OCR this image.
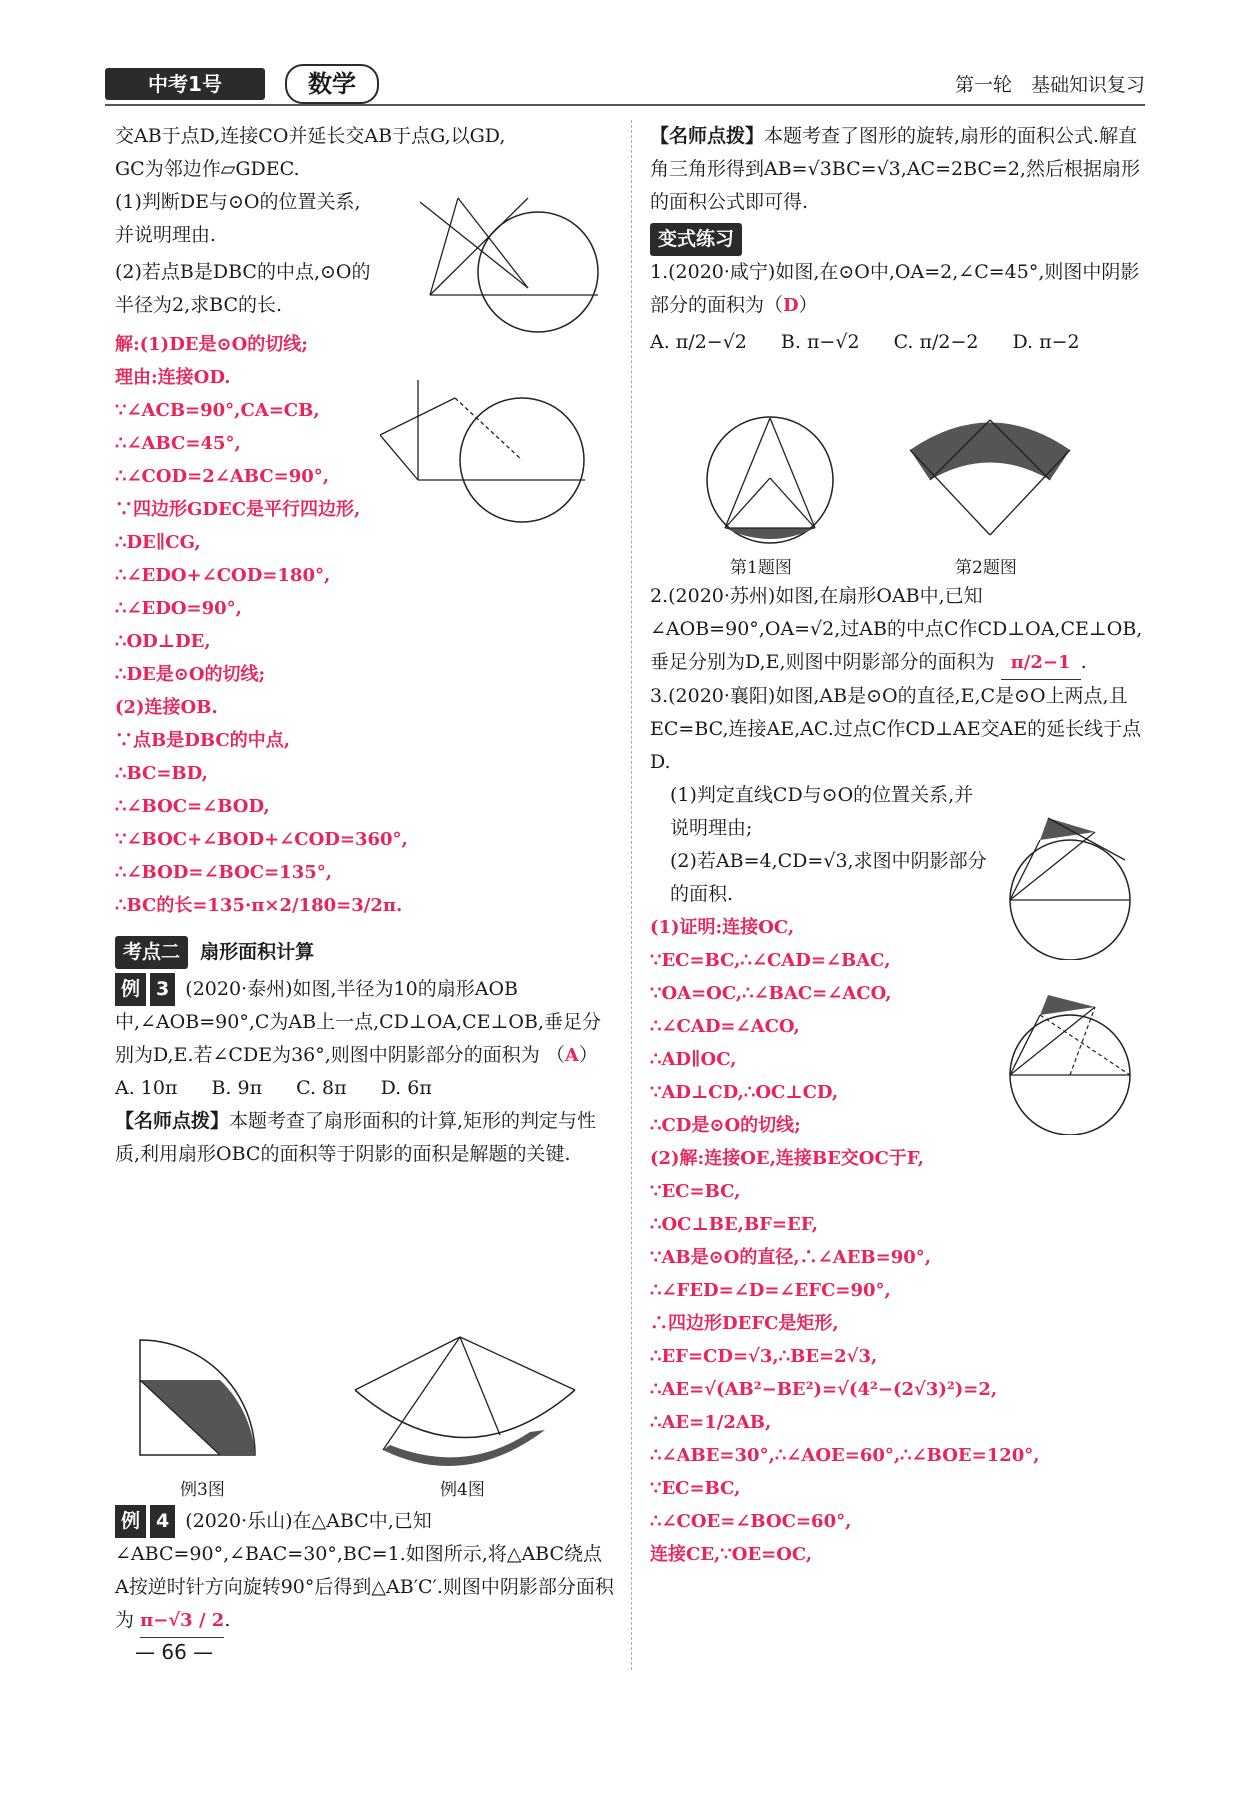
中考1号	数学	第一轮　基础知识复习

交AB于点D,连接CO并延长交AB于点G,以GD,

GC为邻边作▱GDEC.

(1)判断DE与⊙O的位置关系,并说明理由.

(2)若点B是DBC的中点,⊙O的半径为2,求BC的长.

解:(1)DE是⊙O的切线;

理由:连接OD.

∵∠ACB=90°,CA=CB,

∴∠ABC=45°,

∴∠COD=2∠ABC=90°,

∵四边形GDEC是平行四边形,

∴DE∥CG,

∴∠EDO+∠COD=180°,

∴∠EDO=90°,

∴OD⊥DE,

∴DE是⊙O的切线;

(2)连接OB.

∵点B是DBC的中点,

∴BC=BD,

∴∠BOC=∠BOD,

∵∠BOC+∠BOD+∠COD=360°,

∴∠BOD=∠BOC=135°,

∴BC的长=135·π×2/180=3/2π.

考点二 扇形面积计算

例 3 (2020·泰州)如图,半径为10的扇形AOB中,∠AOB=90°,C为AB上一点,CD⊥OA,CE⊥OB,垂足分别为D,E.若∠CDE为36°,则图中阴影部分的面积为 （A）

A. 10π B. 9π C. 8π D. 6π

【名师点拨】本题考查了扇形面积的计算,矩形的判定与性质,利用扇形OBC的面积等于阴影的面积是解题的关键.

例3图	例4图

例 4 (2020·乐山)在△ABC中,已知∠ABC=90°,∠BAC=30°,BC=1.如图所示,将△ABC绕点A按逆时针方向旋转90°后得到△AB′C′.则图中阴影部分面积为 π−√3 / 2.

— 66 —

【名师点拨】本题考查了图形的旋转,扇形的面积公式.解直角三角形得到AB=√3BC=√3,AC=2BC=2,然后根据扇形的面积公式即可得.

变式练习

1.(2020·咸宁)如图,在⊙O中,OA=2,∠C=45°,则图中阴影部分的面积为（D）

A. π/2−√2 B. π−√2 C. π/2−2 D. π−2

第1题图	第2题图

2.(2020·苏州)如图,在扇形OAB中,已知∠AOB=90°,OA=√2,过AB的中点C作CD⊥OA,CE⊥OB,垂足分别为D,E,则图中阴影部分的面积为 π/2−1 .

3.(2020·襄阳)如图,AB是⊙O的直径,E,C是⊙O上两点,且EC=BC,连接AE,AC.过点C作CD⊥AE交AE的延长线于点D.

(1)判定直线CD与⊙O的位置关系,并说明理由;

(2)若AB=4,CD=√3,求图中阴影部分的面积.

(1)证明:连接OC,

∵EC=BC,∴∠CAD=∠BAC,

∵OA=OC,∴∠BAC=∠ACO,

∴∠CAD=∠ACO,

∴AD∥OC,

∵AD⊥CD,∴OC⊥CD,

∴CD是⊙O的切线;

(2)解:连接OE,连接BE交OC于F,

∵EC=BC,

∴OC⊥BE,BF=EF,

∵AB是⊙O的直径,∴∠AEB=90°,

∴∠FED=∠D=∠EFC=90°,

∴四边形DEFC是矩形,

∴EF=CD=√3,∴BE=2√3,

∴AE=√(AB²−BE²)=√(4²−(2√3)²)=2,

∴AE=1/2AB,

∴∠ABE=30°,∴∠AOE=60°,∴∠BOE=120°,

∵EC=BC,

∴∠COE=∠BOC=60°,

连接CE,∵OE=OC,
